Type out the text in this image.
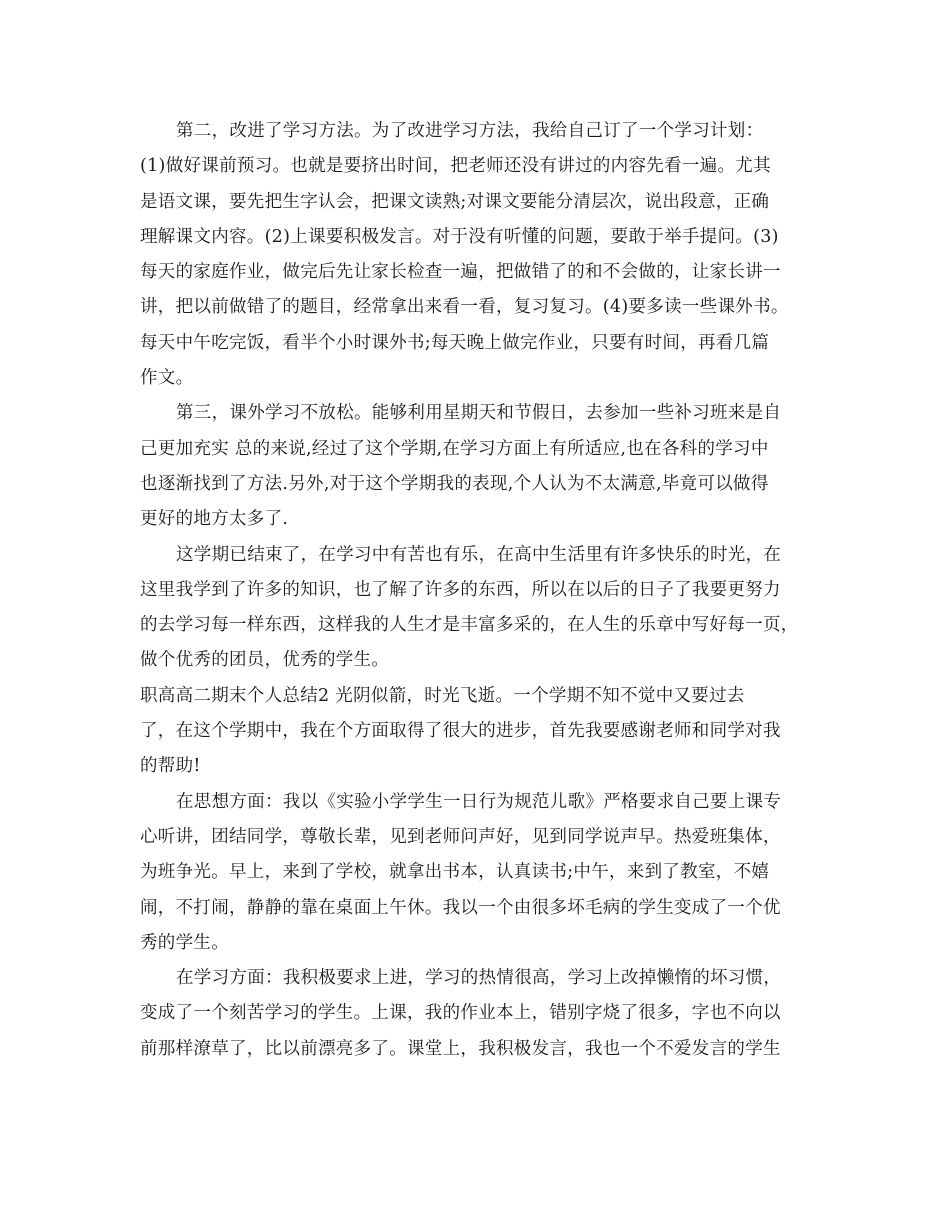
第二，改进了学习方法。为了改进学习方法，我给自己订了一个学习计划：
(1)做好课前预习。也就是要挤出时间，把老师还没有讲过的内容先看一遍。尤其
是语文课，要先把生字认会，把课文读熟;对课文要能分清层次，说出段意，正确
理解课文内容。(2)上课要积极发言。对于没有听懂的问题，要敢于举手提问。(3)
每天的家庭作业，做完后先让家长检查一遍，把做错了的和不会做的，让家长讲一
讲，把以前做错了的题目，经常拿出来看一看，复习复习。(4)要多读一些课外书。
每天中午吃完饭，看半个小时课外书;每天晚上做完作业，只要有时间，再看几篇
作文。
第三，课外学习不放松。能够利用星期天和节假日，去参加一些补习班来是自
己更加充实 总的来说,经过了这个学期,在学习方面上有所适应,也在各科的学习中
也逐渐找到了方法.另外,对于这个学期我的表现,个人认为不太满意,毕竟可以做得
更好的地方太多了.
这学期已结束了，在学习中有苦也有乐，在高中生活里有许多快乐的时光，在
这里我学到了许多的知识，也了解了许多的东西，所以在以后的日子了我要更努力
的去学习每一样东西，这样我的人生才是丰富多采的，在人生的乐章中写好每一页，
做个优秀的团员，优秀的学生。
职高高二期末个人总结2 光阴似箭，时光飞逝。一个学期不知不觉中又要过去
了，在这个学期中，我在个方面取得了很大的进步，首先我要感谢老师和同学对我
的帮助!
在思想方面：我以《实验小学学生一日行为规范儿歌》严格要求自己要上课专
心听讲，团结同学，尊敬长辈，见到老师问声好，见到同学说声早。热爱班集体，
为班争光。早上，来到了学校，就拿出书本，认真读书;中午，来到了教室，不嬉
闹，不打闹，静静的靠在桌面上午休。我以一个由很多坏毛病的学生变成了一个优
秀的学生。
在学习方面：我积极要求上进，学习的热情很高，学习上改掉懒惰的坏习惯，
变成了一个刻苦学习的学生。上课，我的作业本上，错别字烧了很多，字也不向以
前那样潦草了，比以前漂亮多了。课堂上，我积极发言，我也一个不爱发言的学生
